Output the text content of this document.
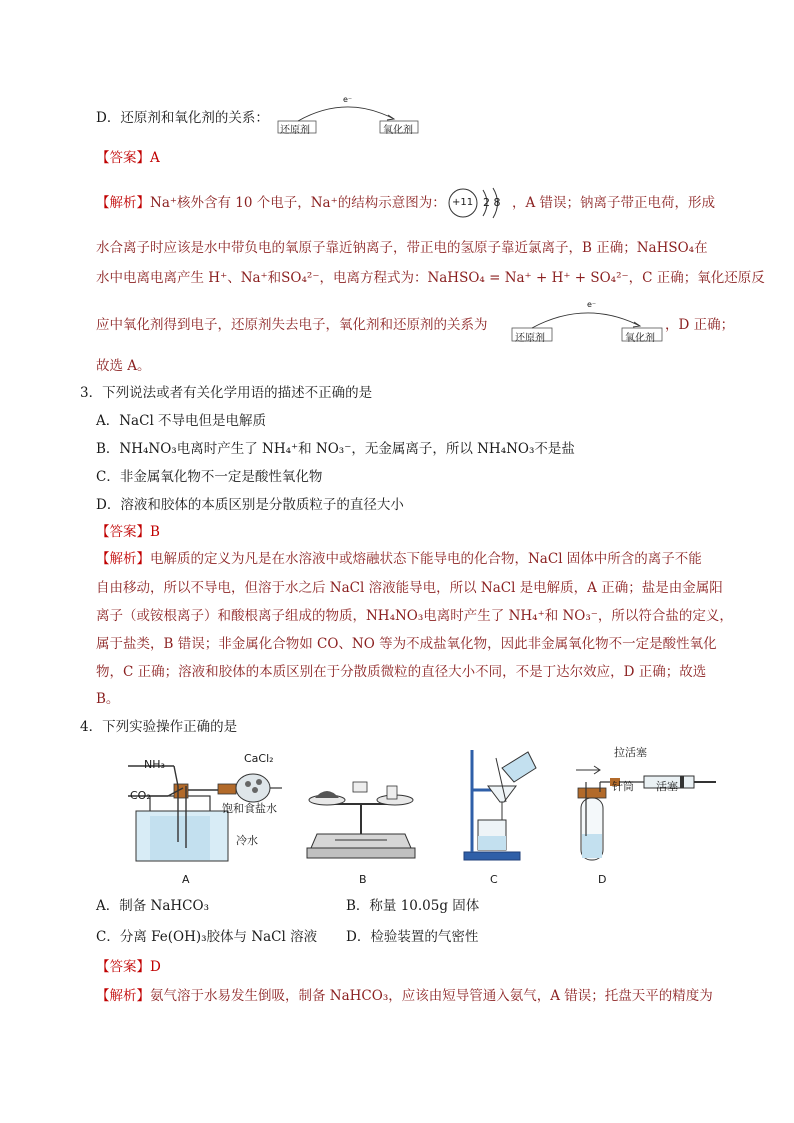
D．还原剂和氧化剂的关系：
还原剂	氧化剂
e⁻
【答案】A
【解析】Na⁺核外含有 10 个电子，Na⁺的结构示意图为： +11 2 8 ，A 错误；钠离子带正电荷，形成
水合离子时应该是水中带负电的氧原子靠近钠离子，带正电的氢原子靠近氯离子，B 正确；NaHSO₄在
水中电离电离产生 H⁺、Na⁺和SO₄²⁻，电离方程式为：NaHSO₄ = Na⁺ + H⁺ + SO₄²⁻，C 正确；氧化还原反
应中氧化剂得到电子，还原剂失去电子，氧化剂和还原剂的关系为
还原剂	氧化剂
e⁻
，D 正确；
故选 A。
3．下列说法或者有关化学用语的描述不正确的是
A．NaCl 不导电但是电解质
B．NH₄NO₃电离时产生了 NH₄⁺和 NO₃⁻，无金属离子，所以 NH₄NO₃不是盐
C．非金属氧化物不一定是酸性氧化物
D．溶液和胶体的本质区别是分散质粒子的直径大小
【答案】B
【解析】电解质的定义为凡是在水溶液中或熔融状态下能导电的化合物，NaCl 固体中所含的离子不能
自由移动，所以不导电，但溶于水之后 NaCl 溶液能导电，所以 NaCl 是电解质，A 正确；盐是由金属阳
离子（或铵根离子）和酸根离子组成的物质，NH₄NO₃电离时产生了 NH₄⁺和 NO₃⁻，所以符合盐的定义，
属于盐类，B 错误；非金属化合物如 CO、NO 等为不成盐氧化物，因此非金属氧化物不一定是酸性氧化
物，C 正确；溶液和胶体的本质区别在于分散质微粒的直径大小不同，不是丁达尔效应，D 正确；故选
B。
4．下列实验操作正确的是
NH₃
CO₂
CaCl₂
饱和食盐水
冷水
A	B	C
拉活塞
针筒 活塞
D
A．制备 NaHCO₃	B．称量 10.05g 固体
C．分离 Fe(OH)₃胶体与 NaCl 溶液 D．检验装置的气密性
【答案】D
【解析】氨气溶于水易发生倒吸，制备 NaHCO₃，应该由短导管通入氨气，A 错误；托盘天平的精度为
